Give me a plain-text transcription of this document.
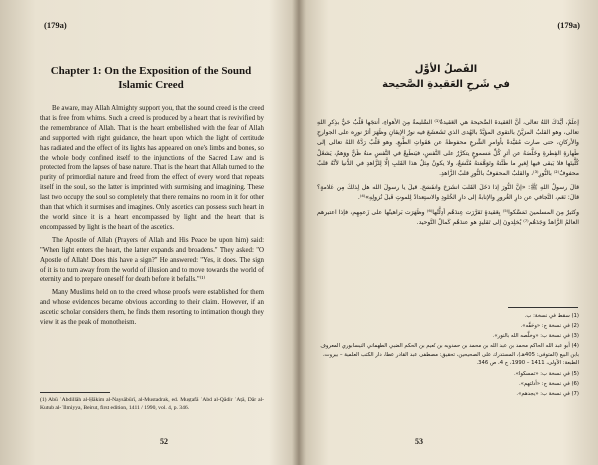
(179a)
Chapter 1: On the Exposition of the Sound Islamic Creed

Be aware, may Allah Almighty support you, that the sound creed is the creed that is free from whims. Such a creed is produced by a heart that is revivified by the remembrance of Allah. That is the heart embellished with the fear of Allah and supported with right guidance, the heart upon which the light of certitude has radiated and the effect of its lights has appeared on one's limbs and bones, so the whole body confined itself to the injunctions of the Sacred Law and is protected from the lapses of base nature. That is the heart that Allah turned to the purity of primordial nature and freed from the effect of every word that repeats itself in the soul, so the latter is imprinted with surmising and imagining. These last two occupy the soul so completely that there remains no room in it for other than that which it surmises and imagines. Only ascetics can possess such heart in the world since it is a heart encompassed by light and the heart that is encompassed by light is the heart of the ascetics.

The Apostle of Allah (Prayers of Allah and His Peace be upon him) said: "When light enters the heart, the latter expands and broadens." They asked: "O Apostle of Allah! Does this have a sign?" He answered: "Yes, it does. The sign of it is to turn away from the world of illusion and to move towards the world of eternity and to prepare oneself for death before it befalls."⁽¹⁾

Many Muslims held on to the creed whose proofs were established for them and whose evidences became obvious according to their claim. However, if an ascetic scholar considers them, he finds them resorting to intimation though they view it as the peak of monotheism.

(1) Abū ʿAbdillāh al-Ḥākim al-Naysābūrī, al-Mustadrak, ed. Muṣṭafā ʿAbd al-Qādir ʿAṭā, Dār al-Kutub al-ʿIlmiyya, Beirut, first edition, 1411 / 1990, vol. 4, p. 346.
52
(179a)
الفَصلُ الأوَّل
في شَرحِ العَقيدةِ الصَّحيحة

إعلَمْ، أيَّدَكَ اللهُ تعالى، أنَّ العَقيدةَ الصَّحيحةَ هي العَقيدةُ⁽¹⁾ السَّليمةُ مِنَ الأهواءِ، أنتجَها قَلْبٌ حَيٌّ بذِكرِ اللهِ تعالى، وهو القلبُ المزيَّنُ بالتقوى المؤيَّدُ بالهُدى الذي تَشَعشَعَ فيه نورُ الإيقانِ وظَهَرَ أثرُ نورِه على الجوارحِ والأركانِ، حتى صارت مُقيَّدةً بأوامرِ الشَّرعِ محفوظةً عن هَفَواتِ الطَّبعِ. وهو قَلْبٌ رَدَّهُ اللهُ تعالى إلى طَهارةِ الفِطرةِ وخَلَّصَهُ عن أثرِ كُلِّ مَسموعٍ يتكرَّرُ على النَّفسِ، فيَنطَبِعُ في النَّفسِ منهُ ظَنٌّ ووَهمٌ، يَشغَلُ كُلَّيتَها فلا يَبقى فيها لِغيرِ ما ظَنَّتهُ وتَوَهَّمَتهُ مُتَّسَعٌ، ولا يكونُ مِثلُ هذا القَلبِ إلَّا لِلزَّاهدِ في الدُّنيا لأنَّهُ قلبٌ محفوفٌ⁽²⁾ بالنُّورِ⁽³⁾، والقلبُ المحفوفُ بالنُّورِ قلبُ الزَّاهدِ.

قالَ رسولُ اللهِ ﷺ: «إنَّ النُّورَ إذا دَخَلَ القَلبَ انشَرَحَ وانفَسَحَ. قيلَ يا رسولَ الله هل لِذلكَ مِن عَلامةٍ؟ قالَ: نَعَم، التَّجافي عن دارِ الغُرورِ والإنابةُ إلى دارِ الخُلودِ والاستِعدادُ لِلموتِ قَبلَ نُزولِهِ»⁽⁴⁾.

وكثيرٌ مِنَ المسلمينَ تَمَسَّكوا⁽⁵⁾ بِعَقيدةٍ تَقرَّرَت عِندَهُم أدِلَّتُها⁽⁶⁾ وظَهَرَت بَراهينُها على زَعمِهِم، فإذا اعتبرهم العالمُ الزَّاهدُ وَجَدَهُم⁽⁷⁾ يُخلِدونَ إلى تَقليدٍ هو عندَهُم كَمالُ التَّوحيد.

(1) سقط في نسخة: ب.
(2) في نسخة ج: «وحَفَّه».
(3) في نسخة ب: «وخلَّصه الله بالنور».
(4) أبو عبد الله الحاكم محمد بن عبد الله بن محمد بن حمدويه بن نُعيم بن الحكم الضبي الطهماني النيسابوري المعروف بابن البيع (المتوفى: 405هـ)، المستدرك على الصحيحين، تحقيق: مصطفى عبد القادر عطا، دار الكتب العلمية – بيروت، الطبعة: الأولى، 1411 – 1990، ج 4، ص 346.
(5) في نسخة ب: «تمسكوا».
(6) في نسخة ج: «أدلتهم».
(7) في نسخة ب: «يجدهم».
53
